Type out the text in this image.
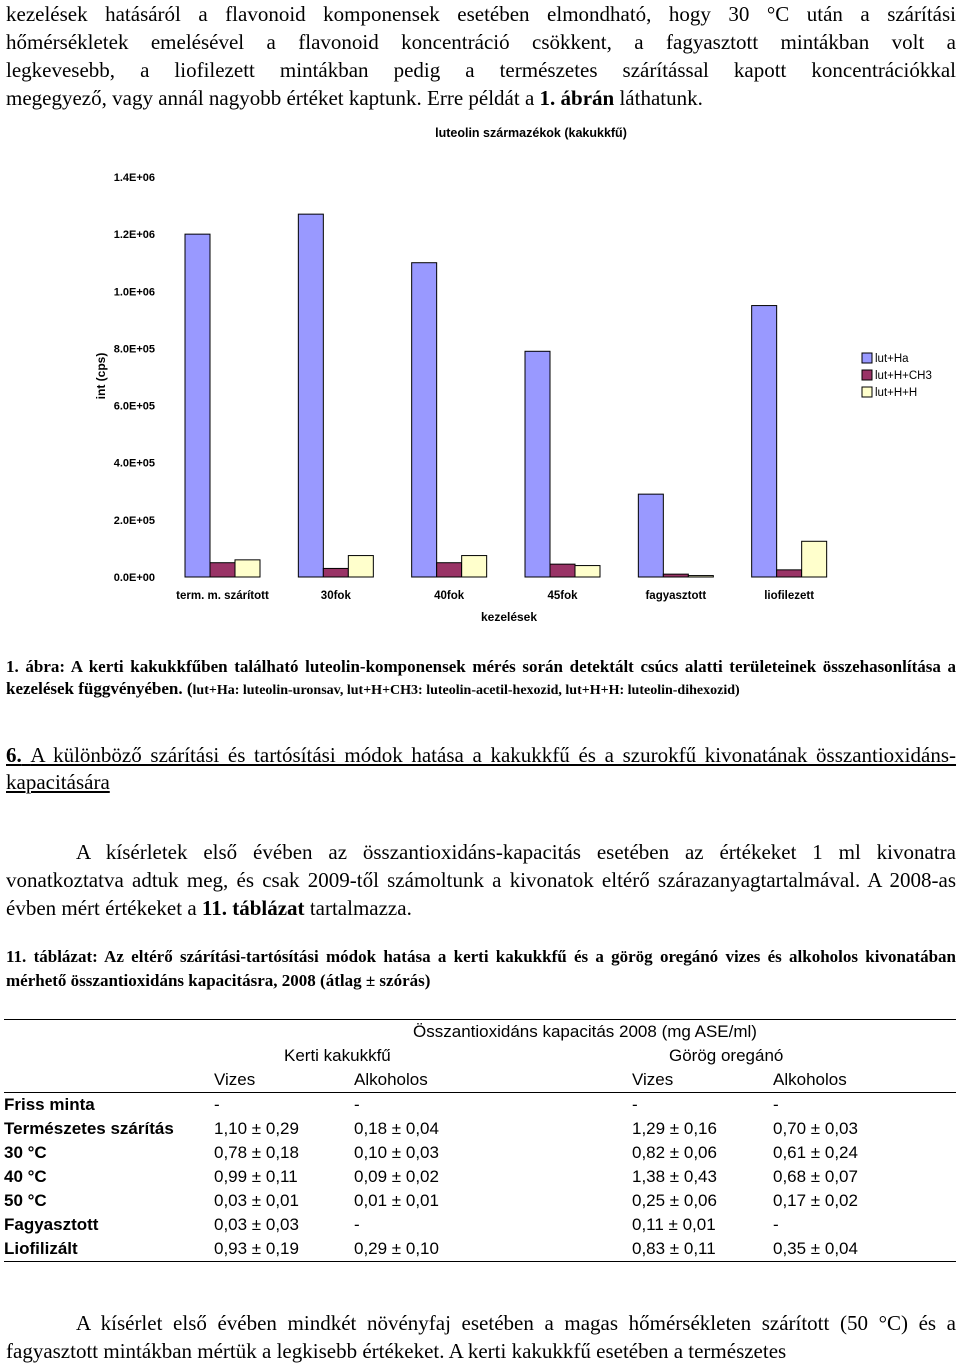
kezelések hatásáról a flavonoid komponensek esetében elmondható, hogy 30 °C után a szárítási
hőmérsékletek emelésével a flavonoid koncentráció csökkent, a fagyasztott mintákban volt a
legkevesebb, a liofilezett mintákban pedig a természetes szárítással kapott koncentrációkkal
megegyező, vagy annál nagyobb értéket kaptunk. Erre példát a 1. ábrán láthatunk.
luteolin származékok (kakukkfű)
int (cps)
kezelések
0.0E+00
2.0E+05
4.0E+05
6.0E+05
8.0E+05
1.0E+06
1.2E+06
1.4E+06
term. m. szárított	30fok	40fok	45fok	fagyasztott	liofilezett
lut+Ha
lut+H+CH3
lut+H+H
1. ábra: A kerti kakukkfűben található luteolin-komponensek mérés során detektált csúcs alatti területeinek összehasonlítása a kezelések függvényében. (lut+Ha: luteolin-uronsav, lut+H+CH3: luteolin-acetil-hexozid, lut+H+H: luteolin-dihexozid)
6. A különböző szárítási és tartósítási módok hatása a kakukkfű és a szurokfű kivonatának összantioxidáns-kapacitására
A kísérletek első évében az összantioxidáns-kapacitás esetében az értékeket 1 ml kivonatra vonatkoztatva adtuk meg, és csak 2009-től számoltunk a kivonatok eltérő szárazanyagtartalmával. A 2008-as évben mért értékeket a 11. táblázat tartalmazza.
11. táblázat: Az eltérő szárítási-tartósítási módok hatása a kerti kakukkfű és a görög oregánó vizes és alkoholos kivonatában mérhető összantioxidáns kapacitásra, 2008 (átlag ± szórás)
	Összantioxidáns kapacitás 2008 (mg ASE/ml)			
	Kerti kakukkfű		Görög oregánó	
	Vizes	Alkoholos	Vizes	Alkoholos
Friss minta	-	-	-	-
Természetes szárítás	1,10 ± 0,29	0,18 ± 0,04	1,29 ± 0,16	0,70 ± 0,03
30 °C	0,78 ± 0,18	0,10 ± 0,03	0,82 ± 0,06	0,61 ± 0,24
40 °C	0,99 ± 0,11	0,09 ± 0,02	1,38 ± 0,43	0,68 ± 0,07
50 °C	0,03 ± 0,01	0,01 ± 0,01	0,25 ± 0,06	0,17 ± 0,02
Fagyasztott	0,03 ± 0,03	-	0,11 ± 0,01	-
Liofilizált	0,93 ± 0,19	0,29 ± 0,10	0,83 ± 0,11	0,35 ± 0,04
A kísérlet első évében mindkét növényfaj esetében a magas hőmérsékleten szárított (50 °C) és a fagyasztott mintákban mértük a legkisebb értékeket. A kerti kakukkfű esetében a természetes
